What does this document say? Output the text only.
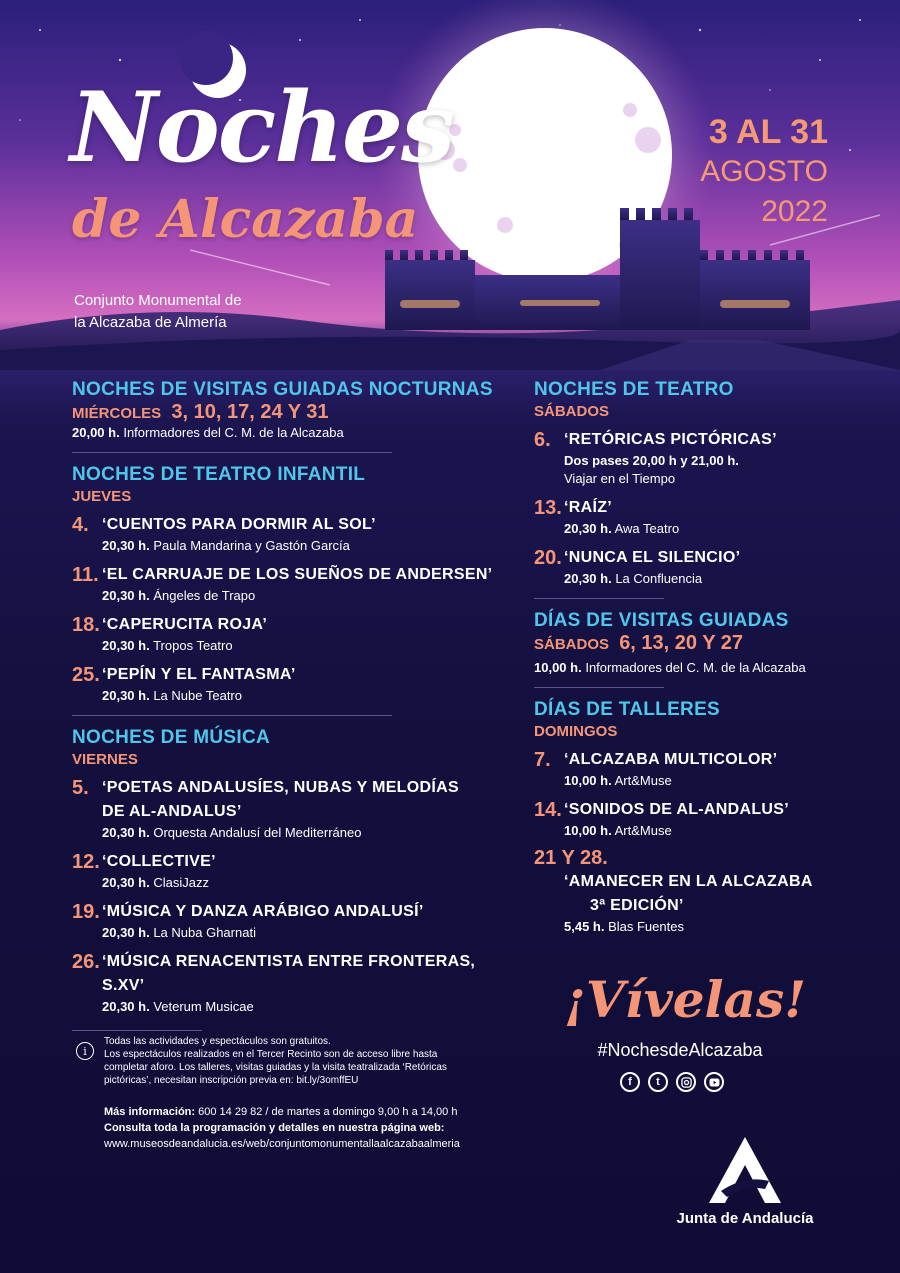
Noches
de Alcazaba
Conjunto Monumental de
la Alcazaba de Almería
3 AL 31
AGOSTO
2022
NOCHES DE VISITAS GUIADAS NOCTURNAS
MIÉRCOLES 3, 10, 17, 24 Y 31
20,00 h. Informadores del C. M. de la Alcazaba
NOCHES DE TEATRO INFANTIL
JUEVES
4. ‘CUENTOS PARA DORMIR AL SOL’
20,30 h. Paula Mandarina y Gastón García
11. ‘EL CARRUAJE DE LOS SUEÑOS DE ANDERSEN’
20,30 h. Ángeles de Trapo
18. ‘CAPERUCITA ROJA’
20,30 h. Tropos Teatro
25. ‘PEPÍN Y EL FANTASMA’
20,30 h. La Nube Teatro
NOCHES DE MÚSICA
VIERNES
5. ‘POETAS ANDALUSÍES, NUBAS Y MELODÍAS
DE AL-ANDALUS’
20,30 h. Orquesta Andalusí del Mediterráneo
12. ‘COLLECTIVE’
20,30 h. ClasiJazz
19. ‘MÚSICA Y DANZA ARÁBIGO ANDALUSÍ’
20,30 h. La Nuba Gharnati
26. ‘MÚSICA RENACENTISTA ENTRE FRONTERAS, S.XV’
20,30 h. Veterum Musicae
NOCHES DE TEATRO
SÁBADOS
6. ‘RETÓRICAS PICTÓRICAS’
Dos pases 20,00 h y 21,00 h.
Viajar en el Tiempo
13. ‘RAÍZ’
20,30 h. Awa Teatro
20. ‘NUNCA EL SILENCIO’
20,30 h. La Confluencia
DÍAS DE VISITAS GUIADAS
SÁBADOS 6, 13, 20 Y 27
10,00 h. Informadores del C. M. de la Alcazaba
DÍAS DE TALLERES
DOMINGOS
7. ‘ALCAZABA MULTICOLOR’
10,00 h. Art&Muse
14. ‘SONIDOS DE AL-ANDALUS’
10,00 h. Art&Muse
21 Y 28.
‘AMANECER EN LA ALCAZABA
3ª EDICIÓN’
5,45 h. Blas Fuentes
i
Todas las actividades y espectáculos son gratuitos.
Los espectáculos realizados en el Tercer Recinto son de acceso libre hasta
completar aforo. Los talleres, visitas guiadas y la visita teatralizada ‘Retóricas
pictóricas’, necesitan inscripción previa en: bit.ly/3omffEU
Más información: 600 14 29 82 / de martes a domingo 9,00 h a 14,00 h
Consulta toda la programación y detalles en nuestra página web:
www.museosdeandalucia.es/web/conjuntomonumentallaalcazabaalmeria
¡Vívelas!
#NochesdeAlcazaba
f	t
Junta de Andalucía
